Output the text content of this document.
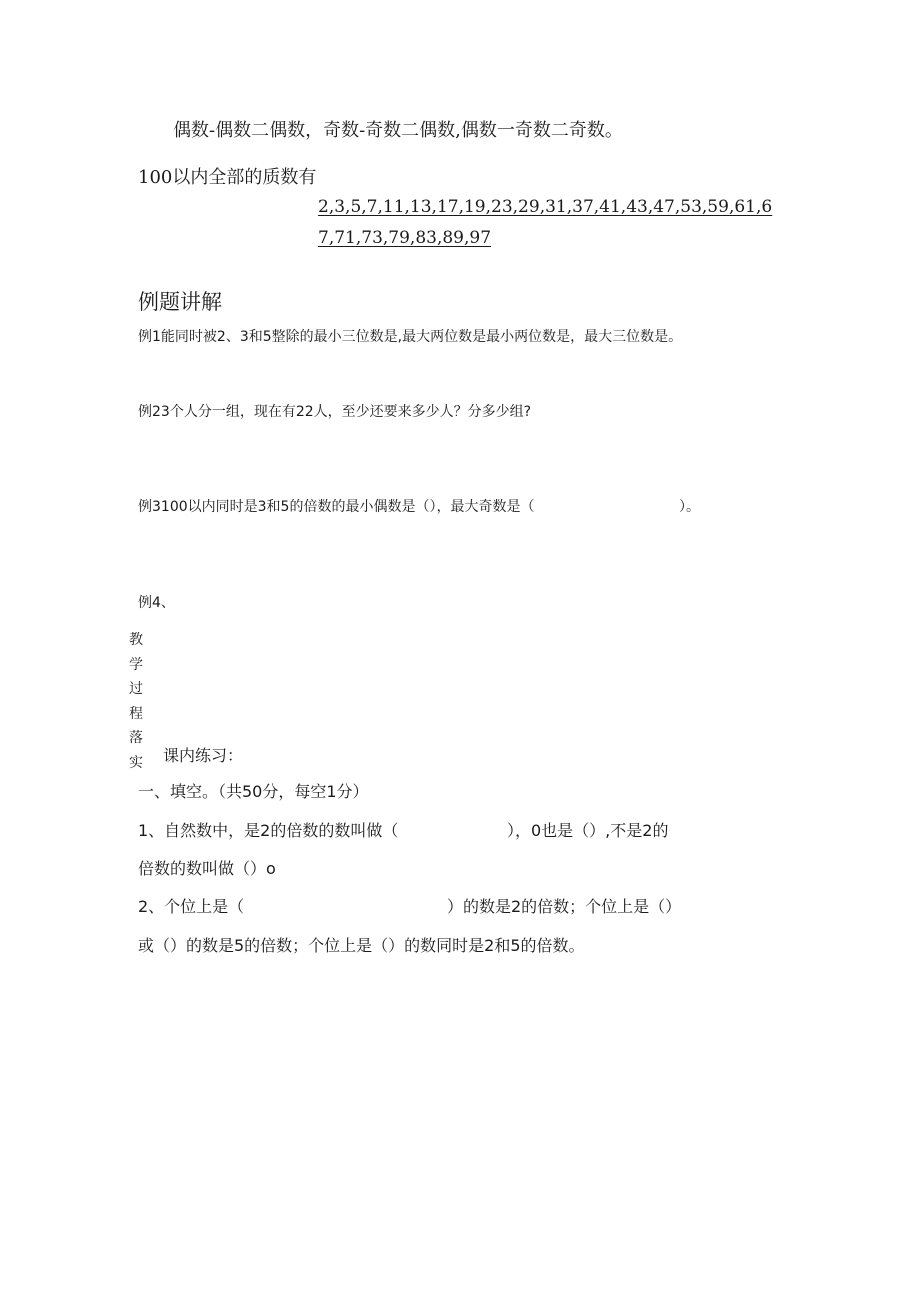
偶数-偶数二偶数，奇数-奇数二偶数,偶数一奇数二奇数。
100以内全部的质数有
2,3,5,7,11,13,17,19,23,29,31,37,41,43,47,53,59,61,6
7,71,73,79,83,89,97
例题讲解
例1能同时被2、3和5整除的最小三位数是,最大两位数是最小两位数是，最大三位数是。
例23个人分一组，现在有22人，至少还要来多少人？分多少组?
例3100以内同时是3和5的倍数的最小偶数是（），最大奇数是（	）。
例4、
教
学
过
程
落
实 课内练习：
一、填空。（共50分，每空1分）
1、自然数中，是2的倍数的数叫做（	），0也是（）,不是2的
倍数的数叫做（）o
2、个位上是（	）的数是2的倍数；个位上是（）
或（）的数是5的倍数；个位上是（）的数同时是2和5的倍数。
